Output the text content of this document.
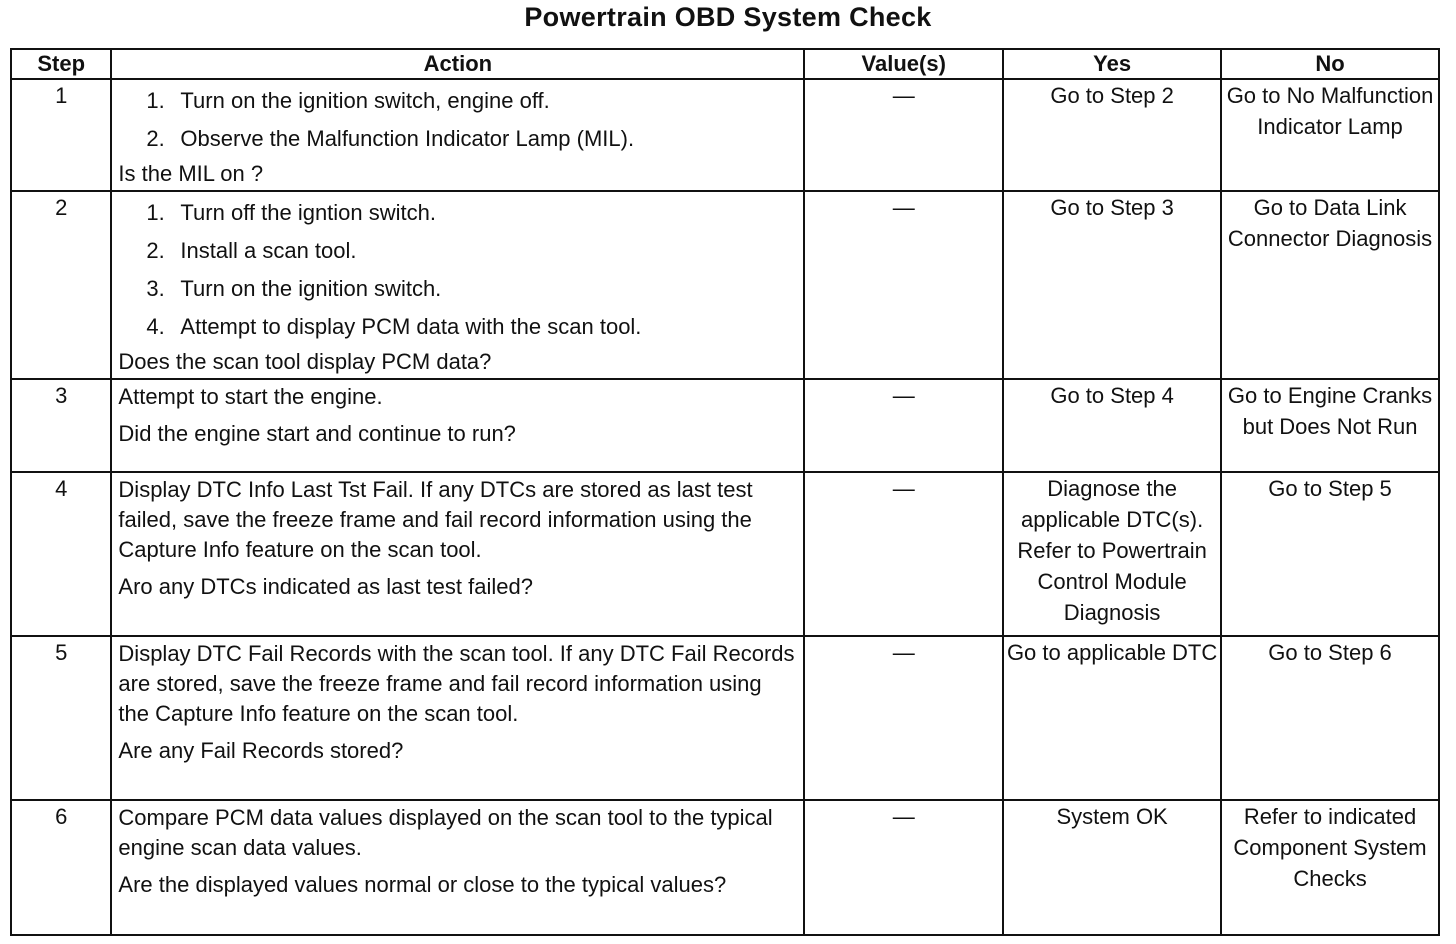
Powertrain OBD System Check
Step	Action	Value(s)	Yes	No
1	1. Turn on the ignition switch, engine off.
2. Observe the Malfunction Indicator Lamp (MIL).
Is the MIL on ?	—	Go to Step 2	Go to No Malfunction Indicator Lamp
2	1. Turn off the igntion switch.
2. Install a scan tool.
3. Turn on the ignition switch.
4. Attempt to display PCM data with the scan tool.
Does the scan tool display PCM data?	—	Go to Step 3	Go to Data Link Connector Diagnosis
3	Attempt to start the engine.
Did the engine start and continue to run?	—	Go to Step 4	Go to Engine Cranks but Does Not Run
4	Display DTC Info Last Tst Fail. If any DTCs are stored as last test failed, save the freeze frame and fail record information using the Capture Info feature on the scan tool.
Aro any DTCs indicated as last test failed?	—	Diagnose the applicable DTC(s). Refer to Powertrain Control Module Diagnosis	Go to Step 5
5	Display DTC Fail Records with the scan tool. If any DTC Fail Records are stored, save the freeze frame and fail record information using the Capture Info feature on the scan tool.
Are any Fail Records stored?	—	Go to applicable DTC	Go to Step 6
6	Compare PCM data values displayed on the scan tool to the typical engine scan data values.
Are the displayed values normal or close to the typical values?	—	System OK	Refer to indicated Component System Checks
